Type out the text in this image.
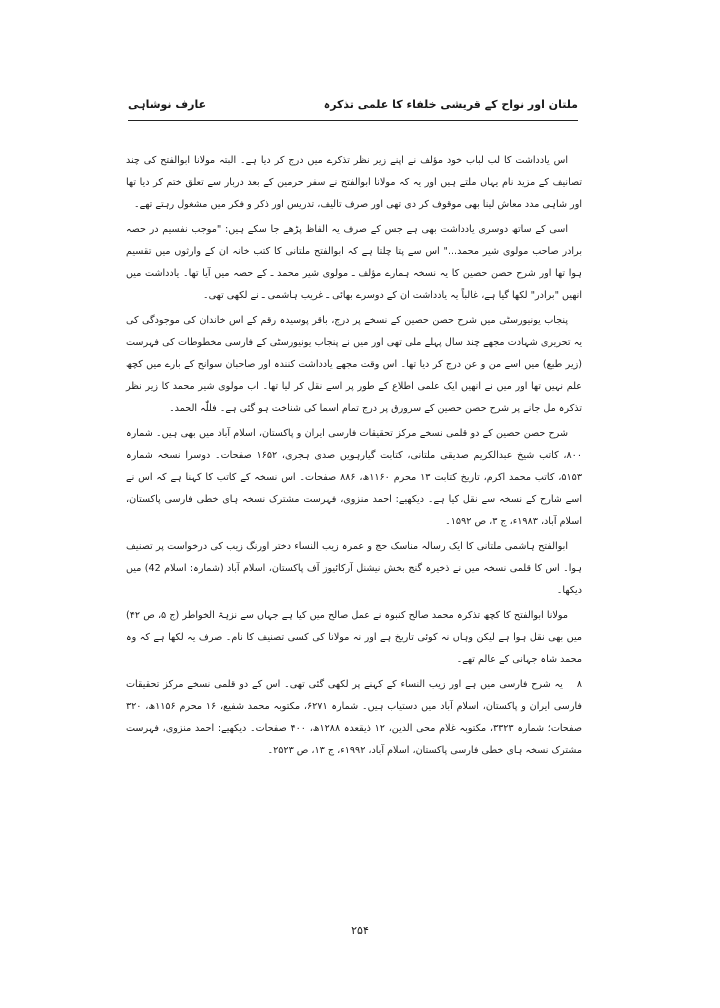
ملتان اور نواح کے قریشی خلفاء کا علمی تذکرہ
عارف نوشاہی

اس یادداشت کا لب لباب خود مؤلف نے اپنے زیر نظر تذکرے میں درج کر دیا ہے۔ البتہ مولانا ابوالفتح کی چند تصانیف کے مزید نام یہاں ملتے ہیں اور یہ کہ مولانا ابوالفتح نے سفر حرمین کے بعد دربار سے تعلق ختم کر دیا تھا اور شاہی مدد معاش لینا بھی موقوف کر دی تھی اور صرف تالیف، تدریس اور ذکر و فکر میں مشغول رہتے تھے۔

اسی کے ساتھ دوسری یادداشت بھی ہے جس کے صرف یہ الفاظ پڑھے جا سکے ہیں: "موجب نفسیم در حصہ برادر صاحب مولوی شیر محمد..." اس سے پتا چلتا ہے کہ ابوالفتح ملتانی کا کتب خانہ ان کے وارثوں میں تقسیم ہوا تھا اور شرح حصن حصین کا یہ نسخہ ہمارے مؤلف ـ مولوی شیر محمد ـ کے حصہ میں آیا تھا۔ یادداشت میں انھیں "برادر" لکھا گیا ہے، غالباً یہ یادداشت ان کے دوسرے بھائی ـ غریب ہاشمی ـ نے لکھی تھی۔

پنجاب یونیورسٹی میں شرح حصن حصین کے نسخے پر درج، باقر پوسیدہ رقم کے اس خاندان کی موجودگی کی یہ تحریری شہادت مجھے چند سال پہلے ملی تھی اور میں نے پنجاب یونیورسٹی کے فارسی مخطوطات کی فہرست (زیر طبع) میں اسے من و عن درج کر دیا تھا۔ اس وقت مجھے یادداشت کنندہ اور صاحبان سوانح کے بارے میں کچھ علم نہیں تھا اور میں نے انھیں ایک علمی اطلاع کے طور پر اسے نقل کر لیا تھا۔ اب مولوی شیر محمد کا زیر نظر تذکرہ مل جانے پر شرح حصن حصین کے سرورق پر درج تمام اسما کی شناخت ہو گئی ہے۔ فللّٰہ الحمد۔

شرح حصن حصین کے دو قلمی نسخے مرکز تحقیقات فارسی ایران و پاکستان، اسلام آباد میں بھی ہیں۔ شمارہ ۸۰۰، کاتب شیخ عبدالکریم صدیقی ملتانی، کتابت گیارہویں صدی ہجری، ۱۶۵۲ صفحات۔ دوسرا نسخہ شمارہ ۵۱۵۳، کاتب محمد اکرم، تاریخ کتابت ۱۳ محرم ۱۱۶۰ھ، ۸۸۶ صفحات۔ اس نسخہ کے کاتب کا کہنا ہے کہ اس نے اسے شارح کے نسخہ سے نقل کیا ہے۔ دیکھیے: احمد منزوی، فہرست مشترک نسخہ ہای خطی فارسی پاکستان، اسلام آباد، ۱۹۸۳ء، ج ۳، ص ۱۵۹۲۔

ابوالفتح ہاشمی ملتانی کا ایک رسالہ مناسک حج و عمرہ زیب النساء دختر اورنگ زیب کی درخواست پر تصنیف ہوا۔ اس کا قلمی نسخہ میں نے ذخیرہ گنج بخش نیشنل آرکائیوز آف پاکستان، اسلام آباد (شمارہ: اسلام 42) میں دیکھا۔

مولانا ابوالفتح کا کچھ تذکرہ محمد صالح کنبوہ نے عمل صالح میں کیا ہے جہاں سے نزہۃ الخواطر (ج ۵، ص ۴۲) میں بھی نقل ہوا ہے لیکن وہاں نہ کوئی تاریخ ہے اور نہ مولانا کی کسی تصنیف کا نام۔ صرف یہ لکھا ہے کہ وہ محمد شاہ جہانی کے عالم تھے۔

۸یہ شرح فارسی میں ہے اور زیب النساء کے کہنے پر لکھی گئی تھی۔ اس کے دو قلمی نسخے مرکز تحقیقات فارسی ایران و پاکستان، اسلام آباد میں دستیاب ہیں۔ شمارہ ۶۲۷۱، مکتوبہ محمد شفیع، ۱۶ محرم ۱۱۵۶ھ، ۳۲۰ صفحات؛ شمارہ ۳۳۲۳، مکتوبہ غلام محی الدین، ۱۲ ذیقعدہ ۱۲۸۸ھ، ۴۰۰ صفحات۔ دیکھیے: احمد منزوی، فہرست مشترک نسخہ ہای خطی فارسی پاکستان، اسلام آباد، ۱۹۹۲ء، ج ۱۳، ص ۲۵۲۳۔

۲۵۴
